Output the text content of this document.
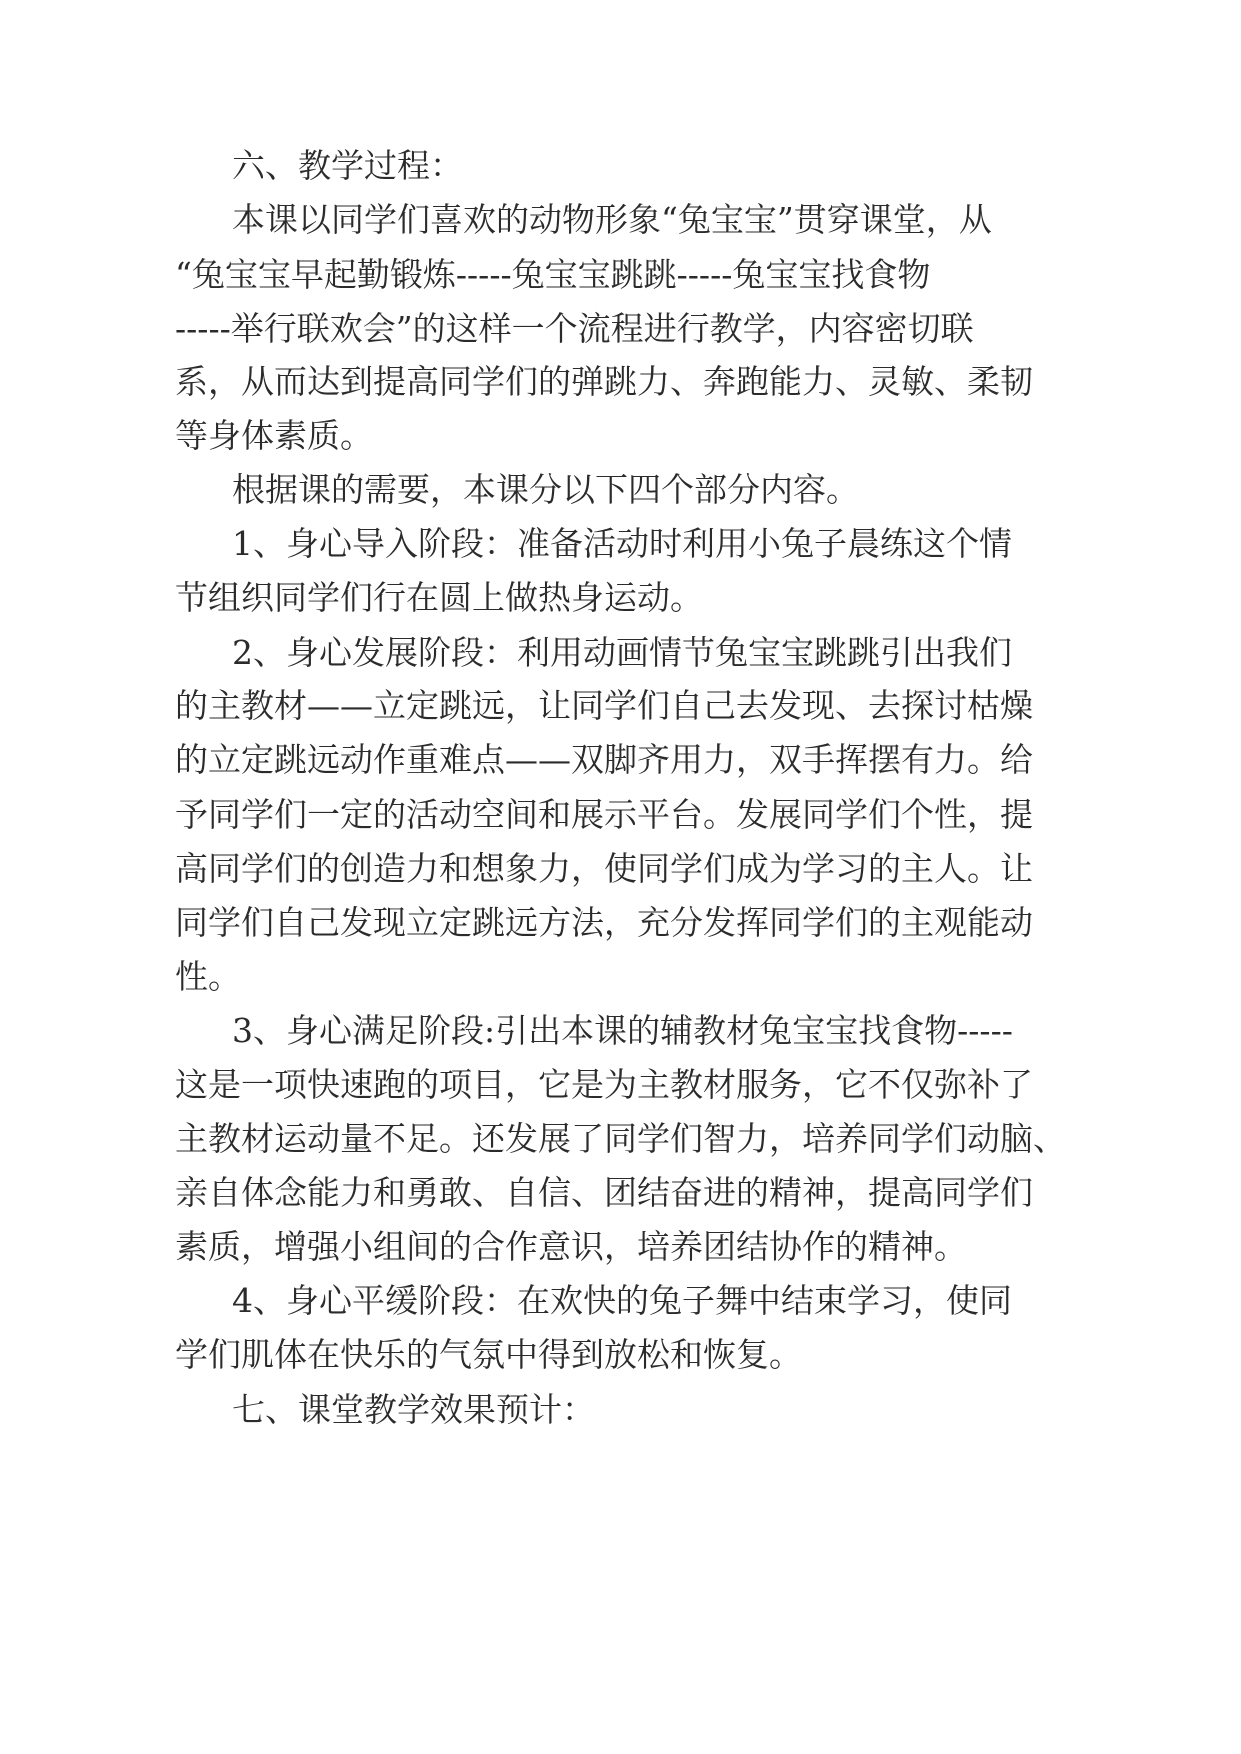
六、教学过程：
本课以同学们喜欢的动物形象“兔宝宝”贯穿课堂，从
“兔宝宝早起勤锻炼-----兔宝宝跳跳-----兔宝宝找食物
-----举行联欢会”的这样一个流程进行教学，内容密切联
系，从而达到提高同学们的弹跳力、奔跑能力、灵敏、柔韧
等身体素质。
根据课的需要，本课分以下四个部分内容。
1、身心导入阶段：准备活动时利用小兔子晨练这个情
节组织同学们行在圆上做热身运动。
2、身心发展阶段：利用动画情节兔宝宝跳跳引出我们
的主教材——立定跳远，让同学们自己去发现、去探讨枯燥
的立定跳远动作重难点——双脚齐用力，双手挥摆有力。给
予同学们一定的活动空间和展示平台。发展同学们个性，提
高同学们的创造力和想象力，使同学们成为学习的主人。让
同学们自己发现立定跳远方法，充分发挥同学们的主观能动
性。
3、身心满足阶段:引出本课的辅教材兔宝宝找食物-----
这是一项快速跑的项目，它是为主教材服务，它不仅弥补了
主教材运动量不足。还发展了同学们智力，培养同学们动脑、
亲自体念能力和勇敢、自信、团结奋进的精神，提高同学们
素质，增强小组间的合作意识，培养团结协作的精神。
4、身心平缓阶段：在欢快的兔子舞中结束学习，使同
学们肌体在快乐的气氛中得到放松和恢复。
七、课堂教学效果预计：
